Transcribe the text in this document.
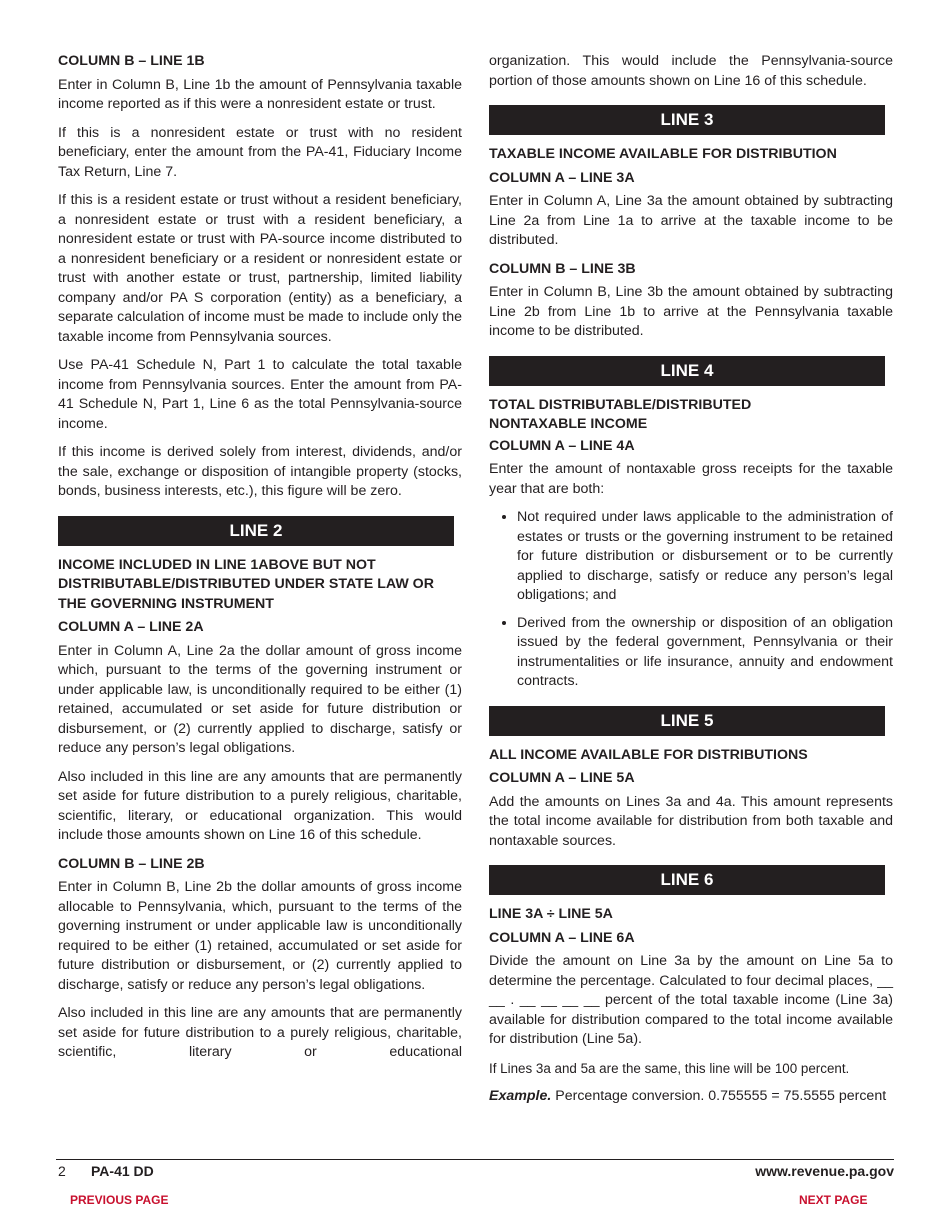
COLUMN B – LINE 1B

Enter in Column B, Line 1b the amount of Pennsylvania taxable income reported as if this were a nonresident estate or trust.

If this is a nonresident estate or trust with no resident beneficiary, enter the amount from the PA-41, Fiduciary Income Tax Return, Line 7.

If this is a resident estate or trust without a resident beneficiary, a nonresident estate or trust with a resident beneficiary, a nonresident estate or trust with PA-source income distributed to a nonresident beneficiary or a resident or nonresident estate or trust with another estate or trust, partnership, limited liability company and/or PA S corporation (entity) as a beneficiary, a separate calculation of income must be made to include only the taxable income from Pennsylvania sources.

Use PA-41 Schedule N, Part 1 to calculate the total taxable income from Pennsylvania sources. Enter the amount from PA-41 Schedule N, Part 1, Line 6 as the total Pennsylvania-source income.

If this income is derived solely from interest, dividends, and/or the sale, exchange or disposition of intangible property (stocks, bonds, business interests, etc.), this figure will be zero.

LINE 2
INCOME INCLUDED IN LINE 1ABOVE BUT NOT DISTRIBUTABLE/DISTRIBUTED UNDER STATE LAW OR THE GOVERNING INSTRUMENT
COLUMN A – LINE 2A

Enter in Column A, Line 2a the dollar amount of gross income which, pursuant to the terms of the governing instrument or under applicable law, is unconditionally required to be either (1) retained, accumulated or set aside for future distribution or disbursement, or (2) currently applied to discharge, satisfy or reduce any person’s legal obligations.

Also included in this line are any amounts that are permanently set aside for future distribution to a purely religious, charitable, scientific, literary, or educational organization. This would include those amounts shown on Line 16 of this schedule.

COLUMN B – LINE 2B

Enter in Column B, Line 2b the dollar amounts of gross income allocable to Pennsylvania, which, pursuant to the terms of the governing instrument or under applicable law is unconditionally required to be either (1) retained, accumulated or set aside for future distribution or disbursement, or (2) currently applied to discharge, satisfy or reduce any person’s legal obligations.

Also included in this line are any amounts that are permanently set aside for future distribution to a purely religious, charitable, scientific, literary or educational

organization. This would include the Pennsylvania-source portion of those amounts shown on Line 16 of this schedule.

LINE 3
TAXABLE INCOME AVAILABLE FOR DISTRIBUTION
COLUMN A – LINE 3A

Enter in Column A, Line 3a the amount obtained by subtracting Line 2a from Line 1a to arrive at the taxable income to be distributed.

COLUMN B – LINE 3B

Enter in Column B, Line 3b the amount obtained by subtracting Line 2b from Line 1b to arrive at the Pennsylvania taxable income to be distributed.

LINE 4
TOTAL DISTRIBUTABLE/DISTRIBUTED
NONTAXABLE INCOME
COLUMN A – LINE 4A

Enter the amount of nontaxable gross receipts for the taxable year that are both:

• Not required under laws applicable to the administration of estates or trusts or the governing instrument to be retained for future distribution or disbursement or to be currently applied to discharge, satisfy or reduce any person’s legal obligations; and
• Derived from the ownership or disposition of an obligation issued by the federal government, Pennsylvania or their instrumentalities or life insurance, annuity and endowment contracts.
LINE 5
ALL INCOME AVAILABLE FOR DISTRIBUTIONS
COLUMN A – LINE 5A

Add the amounts on Lines 3a and 4a. This amount represents the total income available for distribution from both taxable and nontaxable sources.

LINE 6
LINE 3A ÷ LINE 5A
COLUMN A – LINE 6A

Divide the amount on Line 3a by the amount on Line 5a to determine the percentage. Calculated to four decimal places, __ __ . __ __ __ __ percent of the total taxable income (Line 3a) available for distribution compared to the total income available for distribution (Line 5a).

If Lines 3a and 5a are the same, this line will be 100 percent.

Example. Percentage conversion. 0.755555 = 75.5555 percent

2 PA-41 DD	www.revenue.pa.gov
PREVIOUS PAGE	NEXT PAGE
